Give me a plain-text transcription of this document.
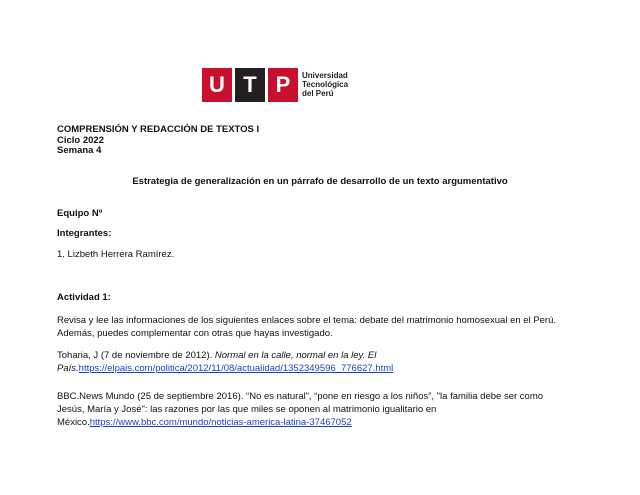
U T P	Universidad
Tecnológica
del Perú
COMPRENSIÓN Y REDACCIÓN DE TEXTOS I
Ciclo 2022
Semana 4
Estrategia de generalización en un párrafo de desarrollo de un texto argumentativo
Equipo Nº
Integrantes:
1. Lizbeth Herrera Ramírez.
Actividad 1:
Revisa y lee las informaciones de los siguientes enlaces sobre el tema: debate del matrimonio homosexual en el Perú. Además, puedes complementar con otras que hayas investigado.
Toharia, J (7 de noviembre de 2012). Normal en la calle, normal en la ley. El País.https://elpais.com/politica/2012/11/08/actualidad/1352349596_776627.html
BBC.News Mundo (25 de septiembre 2016). “No es natural”, “pone en riesgo a los niños”, "la familia debe ser como Jesús, María y José": las razones por las que miles se oponen al matrimonio igualitario en México.https://www.bbc.com/mundo/noticias-america-latina-37467052
